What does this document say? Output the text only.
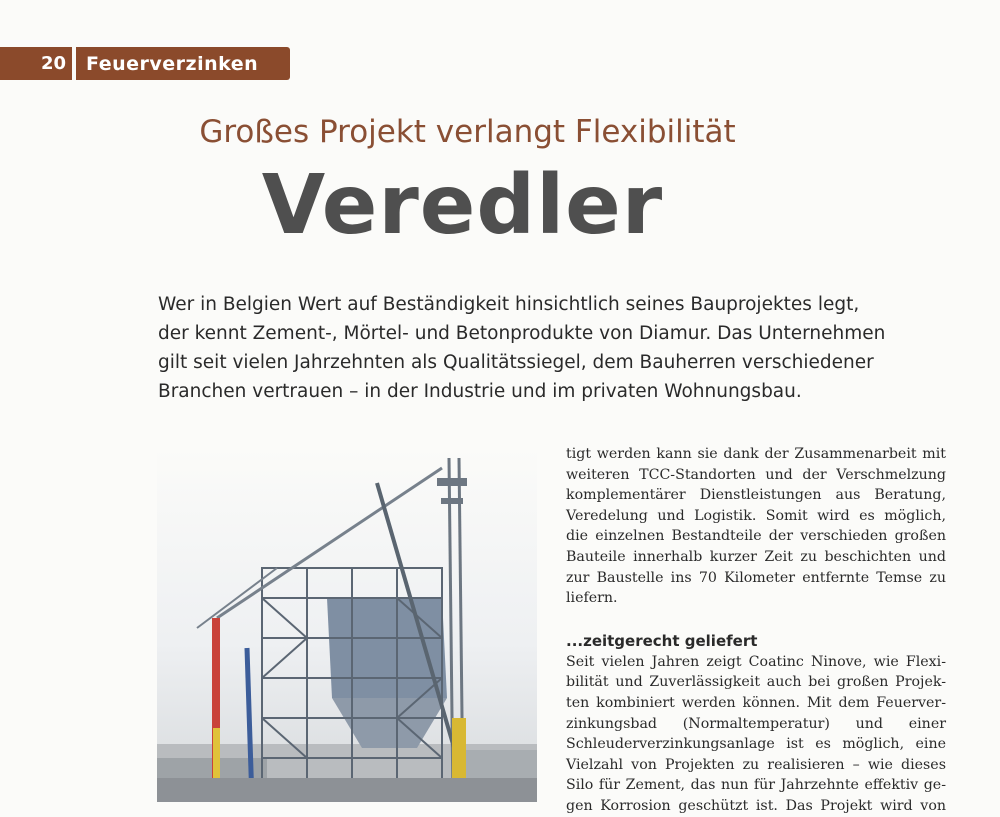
20	Feuerverzinken
Großes Projekt verlangt Flexibilität
Veredler
Wer in Belgien Wert auf Beständigkeit hinsichtlich seines Bauprojektes legt,
der kennt Zement-, Mörtel- und Betonprodukte von Diamur. Das Unternehmen
gilt seit vielen Jahrzehnten als Qualitätssiegel, dem Bauherren verschiedener
Branchen vertrauen – in der Industrie und im privaten Wohnungsbau.

tigt werden kann sie dank der Zusammenarbeit mit
weiteren TCC-Standorten und der Verschmelzung
komplementärer Dienstleistungen aus Beratung,
Veredelung und Logistik. Somit wird es möglich,
die einzelnen Bestandteile der verschieden großen
Bauteile innerhalb kurzer Zeit zu beschichten und
zur Baustelle ins 70 Kilometer entfernte Temse zu
liefern.

...zeitgerecht geliefert

Seit vielen Jahren zeigt Coatinc Ninove, wie Flexi-
bilität und Zuverlässigkeit auch bei großen Projek-
ten kombiniert werden können. Mit dem Feuerver-
zinkungsbad (Normaltemperatur) und einer
Schleuderverzinkungsanlage ist es möglich, eine
Vielzahl von Projekten zu realisieren – wie dieses
Silo für Zement, das nun für Jahrzehnte effektiv ge-
gen Korrosion geschützt ist. Das Projekt wird von
